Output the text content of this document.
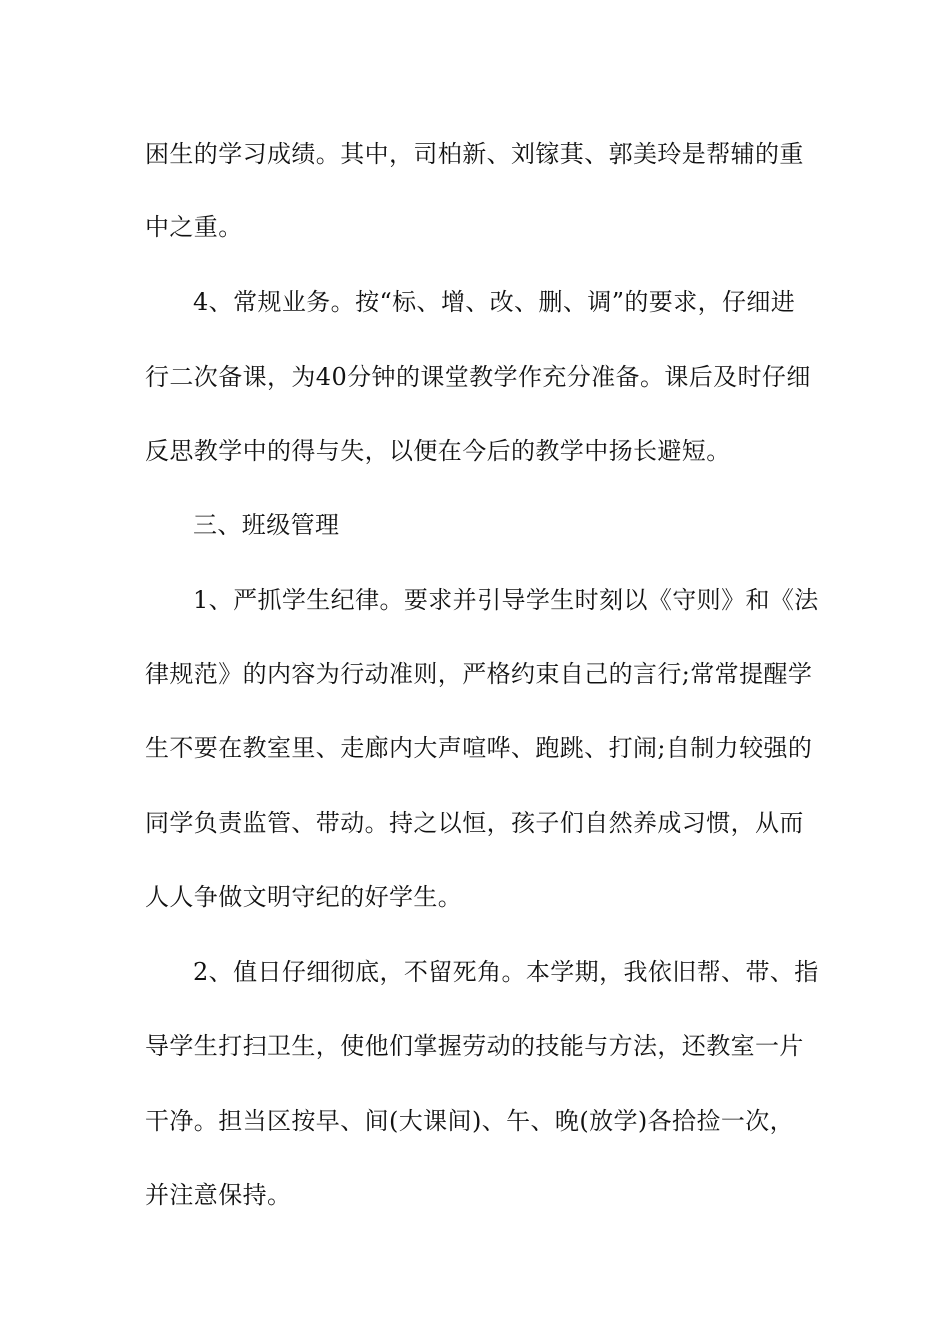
困生的学习成绩。其中，司柏新、刘镓萁、郭美玲是帮辅的重
中之重。
4、常规业务。按“标、增、改、删、调”的要求，仔细进
行二次备课，为40分钟的课堂教学作充分准备。课后及时仔细
反思教学中的得与失，以便在今后的教学中扬长避短。
三、班级管理
1、严抓学生纪律。要求并引导学生时刻以《守则》和《法
律规范》的内容为行动准则，严格约束自己的言行;常常提醒学
生不要在教室里、走廊内大声喧哗、跑跳、打闹;自制力较强的
同学负责监管、带动。持之以恒，孩子们自然养成习惯，从而
人人争做文明守纪的好学生。
2、值日仔细彻底，不留死角。本学期，我依旧帮、带、指
导学生打扫卫生，使他们掌握劳动的技能与方法，还教室一片
干净。担当区按早、间(大课间)、午、晚(放学)各拾捡一次，
并注意保持。
